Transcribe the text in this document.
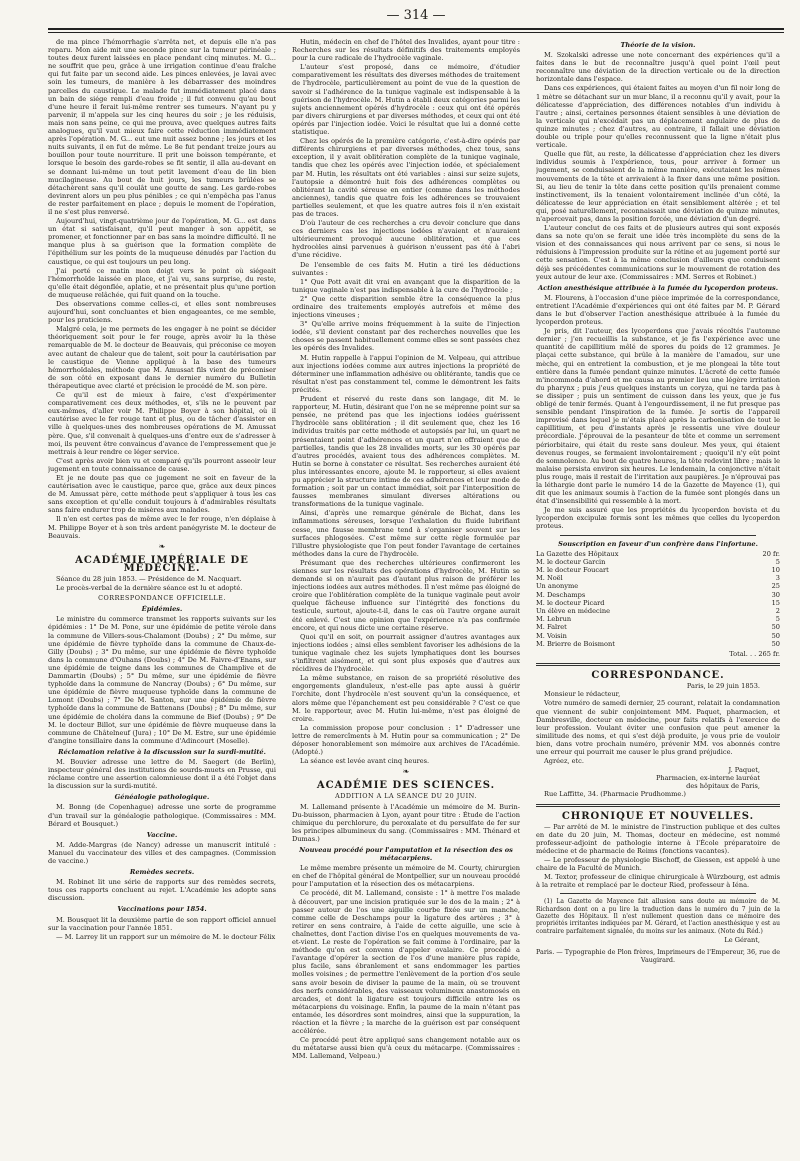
— 314 —

de ma pince l'hémorrhagie s'arrêta net, et depuis elle n'a pas reparu. Mon aide mit une seconde pince sur la tumeur périnéale ; toutes deux furent laissées en place pendant cinq minutes. M. G... ne souffrit que peu, grâce à une irrigation continue d'eau fraîche qui fut faite par un second aide. Les pinces enlevées, je lavai avec soin les tumeurs, de manière à les débarrasser des moindres parcelles du caustique. Le malade fut immédiatement placé dans un bain de siége rempli d'eau froide ; il fut convenu qu'au bout d'une heure il ferait lui-même rentrer ses tumeurs. N'ayant pu y parvenir, il m'appela sur les cinq heures du soir ; je les réduisis, mais non sans peine, ce qui me prouva, avec quelques autres faits analogues, qu'il vaut mieux faire cette réduction immédiatement après l'opération. M. G... eut une nuit assez bonne ; les jours et les nuits suivants, il en fut de même. Le 8e fut pendant treize jours au bouillon pour toute nourriture. Il prit une boisson tempérante, et lorsque le besoin des garde-robes se fit sentir, il alla au-devant en se donnant lui-même un tout petit lavement d'eau de lin bien mucilagineuse. Au bout de huit jours, les tumeurs brûlées se détachèrent sans qu'il coulât une goutte de sang. Les garde-robes devinrent alors un peu plus pénibles ; ce qui n'empêcha pas l'anus de rester parfaitement en place ; depuis le moment de l'opération, il ne s'est plus renversé.

Aujourd'hui, vingt-quatrième jour de l'opération, M. G... est dans un état si satisfaisant, qu'il peut manger à son appétit, se promener, et fonctionner par en bas sans la moindre difficulté. Il ne manque plus à sa guérison que la formation complète de l'épithélium sur les points de la muqueuse dénudés par l'action du caustique, ce qui est toujours un peu long.

J'ai porté ce matin mon doigt vers le point où siégeait l'hémorrhoïde laissée en place, et j'ai vu, sans surprise, du reste, qu'elle était dégonflée, aplatie, et ne présentait plus qu'une portion de muqueuse relâchée, qui fuit quand on la touche.

Des observations comme celles-ci, et elles sont nombreuses aujourd'hui, sont concluantes et bien engageantes, ce me semble, pour les praticiens.

Malgré cela, je me permets de les engager à ne point se décider théoriquement soit pour le fer rouge, après avoir lu la thèse remarquable de M. le docteur de Beauvais, qui préconise ce moyen avec autant de chaleur que de talent, soit pour la cautérisation par le caustique de Vienne appliqué à la base des tumeurs hémorrhoïdales, méthode que M. Amussat fils vient de préconiser de son côté en exposant dans le dernier numéro du Bulletin thérapeutique avec clarté et précision le procédé de M. son père.

Ce qu'il est de mieux à faire, c'est d'expérimenter comparativement ces deux méthodes, et, s'ils ne le peuvent par eux-mêmes, d'aller voir M. Philippe Boyer à son hôpital, où il cautérise avec le fer rouge tant et plus, ou de tâcher d'assister en ville à quelques-unes des nombreuses opérations de M. Amussat père. Que, s'il convenait à quelques-uns d'entre eux de s'adresser à moi, ils peuvent être convaincus d'avance de l'empressement que je mettrais à leur rendre ce léger service.

C'est après avoir bien vu et comparé qu'ils pourront asseoir leur jugement en toute connaissance de cause.

Et je ne doute pas que ce jugement ne soit en faveur de la cautérisation avec le caustique, parce que, grâce aux deux pinces de M. Amussat père, cette méthode peut s'appliquer à tous les cas sans exception et qu'elle conduit toujours à d'admirables résultats sans faire endurer trop de misères aux malades.

Il n'en est certes pas de même avec le fer rouge, n'en déplaise à M. Philippe Boyer et à son très ardent panégyriste M. le docteur de Beauvais.

❧
ACADÉMIE IMPÉRIALE DE MÉDECINE.

Séance du 28 juin 1853. — Présidence de M. Nacquart.

Le procès-verbal de la dernière séance est lu et adopté.

CORRESPONDANCE OFFICIELLE.
Épidémies.

Le ministre du commerce transmet les rapports suivants sur les épidémies : 1° De M. Pone, sur une épidémie de petite vérole dans la commune de Villers-sous-Chalamont (Doubs) ; 2° Du même, sur une épidémie de fièvre typhoïde dans la commune de Chaux-de-Gilly (Doubs) ; 3° Du même, sur une épidémie de fièvre typhoïde dans la commune d'Ouhans (Doubs) ; 4° De M. Faivre-d'Enans, sur une épidémie de teigne dans les communes de Champlive et de Dammartin (Doubs) ; 5° Du même, sur une épidémie de fièvre typhoïde dans la commune de Nancray (Doubs) ; 6° Du même, sur une épidémie de fièvre muqueuse typhoïde dans la commune de Lomont (Doubs) ; 7° De M. Santon, sur une épidémie de fièvre typhoïde dans la commune de Battenans (Doubs) ; 8° Du même, sur une épidémie de choléra dans la commune de Bief (Doubs) ; 9° De M. le docteur Billot, sur une épidémie de fièvre muqueuse dans la commune de Châtelneuf (Jura) ; 10° De M. Estre, sur une épidémie d'angine tonsillaire dans la commune d'Adincourt (Moselle).

Réclamation relative à la discussion sur la surdi-mutité.

M. Bouvier adresse une lettre de M. Saegert (de Berlin), inspecteur général des institutions de sourds-muets en Prusse, qui réclame contre une assertion calomnieuse dont il a été l'objet dans la discussion sur la surdi-mutité.

Généalogie pathologique.

M. Bonng (de Copenhague) adresse une sorte de programme d'un travail sur la généalogie pathologique. (Commissaires : MM. Bérard et Bousquet.)

Vaccine.

M. Adde-Margras (de Nancy) adresse un manuscrit intitulé : Manuel du vaccinateur des villes et des campagnes. (Commission de vaccine.)

Remèdes secrets.

M. Robinet lit une série de rapports sur des remèdes secrets, tous ces rapports concluent au rejet. L'Académie les adopte sans discussion.

Vaccinations pour 1854.

M. Bousquet lit la deuxième partie de son rapport officiel annuel sur la vaccination pour l'année 1851.

— M. Larrey lit un rapport sur un mémoire de M. le docteur Félix

Hutin, médecin en chef de l'hôtel des Invalides, ayant pour titre : Recherches sur les résultats définitifs des traitements employés pour la cure radicale de l'hydrocèle vaginale.

L'auteur s'est proposé, dans ce mémoire, d'étudier comparativement les résultats des diverses méthodes de traitement de l'hydrocèle, particulièrement au point de vue de la question de savoir si l'adhérence de la tunique vaginale est indispensable à la guérison de l'hydrocèle. M. Hutin a établi deux catégories parmi les sujets anciennement opérés d'hydrocèle : ceux qui ont été opérés par divers chirurgiens et par diverses méthodes, et ceux qui ont été opérés par l'injection iodée. Voici le résultat que lui a donné cette statistique.

Chez les opérés de la première catégorie, c'est-à-dire opérés par différents chirurgiens et par diverses méthodes, chez tous, sans exception, il y avait oblitération complète de la tunique vaginale, tandis que chez les opérés avec l'injection iodée, et spécialement par M. Hutin, les résultats ont été variables : ainsi sur seize sujets, l'autopsie a démontré huit fois des adhérences complètes ou oblitérant la cavité séreuse en entier (comme dans les méthodes anciennes), tandis que quatre fois les adhérences se trouvaient partielles seulement, et que les quatre autres fois il n'en existait pas de traces.

D'où l'auteur de ces recherches a cru devoir conclure que dans ces derniers cas les injections iodées n'avaient et n'auraient ultérieurement provoqué aucune oblitération, et que ces hydrocèles ainsi parvenues à guérison n'eussent pas été à l'abri d'une récidive.

De l'ensemble de ces faits M. Hutin a tiré les déductions suivantes :

1° Que Pott avait dit vrai en avançant que la disparition de la tunique vaginale n'est pas indispensable à la cure de l'hydrocèle ;

2° Que cette disparition semble être la conséquence la plus ordinaire des traitements employés autrefois et même des injections vineuses ;

3° Qu'elle arrive moins fréquemment à la suite de l'injection iodée, s'il devient constant par des recherches nouvelles que les choses se passent habituellement comme elles se sont passées chez les opérés des Invalides.

M. Hutin rappelle à l'appui l'opinion de M. Velpeau, qui attribue aux injections iodées comme aux autres injections la propriété de déterminer une inflammation adhésive ou oblitérante, tandis que ce résultat n'est pas constamment tel, comme le démontrent les faits précités.

Prudent et réservé du reste dans son langage, dit M. le rapporteur, M. Hutin, désirant que l'on ne se méprenne point sur sa pensée, ne prétend pas que les injections iodées guérissent l'hydrocèle sans oblitération ; il dit seulement que, chez les 16 individus traités par cette méthode et autopsiés par lui, un quart ne présentaient point d'adhérences et un quart n'en offraient que de partielles, tandis que les 28 invalides morts, sur les 30 opérés par d'autres procédés, avaient tous des adhérences complètes. M. Hutin se borne à constater ce résultat. Ses recherches auraient été plus intéressantes encore, ajoute M. le rapporteur, si elles avaient pu apprécier la structure intime de ces adhérences et leur mode de formation ; soit par un contact immédiat, soit par l'interposition de fausses membranes simulant diverses altérations ou transformations de la tunique vaginale.

Ainsi, d'après une remarque générale de Bichat, dans les inflammations séreuses, lorsque l'exhalation du fluide lubrifiant cesse, une fausse membrane tend à s'organiser souvent sur les surfaces phlogosées. C'est même sur cette règle formulée par l'illustre physiologiste que l'on peut fonder l'avantage de certaines méthodes dans la cure de l'hydrocèle.

Présumant que des recherches ultérieures confirmeront les siennes sur les résultats des opérations d'hydrocèle, M. Hutin se demande si on n'aurait pas d'autant plus raison de préférer les injections iodées aux autres méthodes. Il n'est même pas éloigné de croire que l'oblitération complète de la tunique vaginale peut avoir quelque fâcheuse influence sur l'intégrité des fonctions du testicule, surtout, ajoute-t-il, dans le cas où l'autre organe aurait été enlevé. C'est une opinion que l'expérience n'a pas confirmée encore, et qui nous dicte une certaine réserve.

Quoi qu'il en soit, on pourrait assigner d'autres avantages aux injections iodées ; ainsi elles semblent favoriser les adhésions de la tunique vaginale chez les sujets lymphatiques dont les bourses s'infiltrent aisément, et qui sont plus exposés que d'autres aux récidives de l'hydrocèle.

La même substance, en raison de sa propriété résolutive des engorgements glanduleux, n'est-elle pas apte aussi à guérir l'orchite, dont l'hydrocèle n'est souvent qu'un la conséquence, et alors même que l'épanchement est peu considérable ? C'est ce que M. le rapporteur, avec M. Hutin lui-même, n'est pas éloigné de croire.

La commission propose pour conclusion : 1° D'adresser une lettre de remercîments à M. Hutin pour sa communication ; 2° De déposer honorablement son mémoire aux archives de l'Académie. (Adopté.)

La séance est levée avant cinq heures.

❧
ACADÉMIE DES SCIENCES.
ADDITION A LA SÉANCE DU 20 JUIN.

M. Lallemand présente à l'Académie un mémoire de M. Burin-Du-buisson, pharmacien à Lyon, ayant pour titre : Étude de l'action chimique du perchlorure, du peroxalate et du persulfate de fer sur les principes albumineux du sang. (Commissaires : MM. Thénard et Dumas.)

Nouveau procédé pour l'amputation et la résection des os métacarpiens.

Le même membre présente un mémoire de M. Courty, chirurgien en chef de l'hôpital général de Montpellier, sur un nouveau procédé pour l'amputation et la résection des os métacarpiens.

Ce procédé, dit M. Lallemand, consiste : 1° à mettre l'os malade à découvert, par une incision pratiquée sur le dos de la main ; 2° à passer autour de l'os une aiguille courbe fixée sur un manche, comme celle de Deschamps pour la ligature des artères ; 3° à retirer en sens contraire, à l'aide de cette aiguille, une scie à chaînettes, dont l'action divise l'os en quelques mouvements de va-et-vient. Le reste de l'opération se fait comme à l'ordinaire, par la méthode qu'on est convenu d'appeler ovalaire. Ce procédé a l'avantage d'opérer la section de l'os d'une manière plus rapide, plus facile, sans ébranlement et sans endommager les parties molles voisines ; de permettre l'enlèvement de la portion d'os seule sans avoir besoin de diviser la paume de la main, où se trouvent des nerfs considérables, des vaisseaux volumineux anastomosés en arcades, et dont la ligature est toujours difficile entre les os métacarpiens du voisinage. Enfin, la paume de la main n'étant pas entamée, les désordres sont moindres, ainsi que la suppuration, la réaction et la fièvre ; la marche de la guérison est par conséquent accélérée.

Ce procédé peut être appliqué sans changement notable aux os du métatarse aussi bien qu'à ceux du métacarpe. (Commissaires : MM. Lallemand, Velpeau.)

Théorie de la vision.

M. Szokalski adresse une note concernant des expériences qu'il a faites dans le but de reconnaître jusqu'à quel point l'œil peut reconnaître une déviation de la direction verticale ou de la direction horizontale dans l'espace.

Dans ces expériences, qui étaient faites au moyen d'un fil noir long de 1 mètre se détachant sur un mur blanc, il a reconnu qu'il y avait, pour la délicatesse d'appréciation, des différences notables d'un individu à l'autre ; ainsi, certaines personnes étaient sensibles à une déviation de la verticale qui n'excédait pas un déplacement angulaire de plus de quinze minutes ; chez d'autres, au contraire, il fallait une déviation double ou triple pour qu'elles reconnussent que la ligne n'était plus verticale.

Quelle que fût, au reste, la délicatesse d'appréciation chez les divers individus soumis à l'expérience, tous, pour arriver à former un jugement, se conduisaient de la même manière, exécutaient les mêmes mouvements de la tête et arrivaient à la fixer dans une même position. Si, au lieu de tenir la tête dans cette position qu'ils prenaient comme instinctivement, ils la tenaient volontairement inclinée d'un côté, la délicatesse de leur appréciation en était sensiblement altérée ; et tel qui, posé naturellement, reconnaissait une déviation de quinze minutes, n'apercevait pas, dans la position forcée, une déviation d'un degré.

L'auteur conclut de ces faits et de plusieurs autres qui sont exposés dans sa note qu'on se ferait une idée très incomplète du sens de la vision et des connaissances qui nous arrivent par ce sens, si nous le réduisions à l'impression produite sur la rétine et au jugement porté sur cette sensation. C'est à la même conclusion d'ailleurs que conduisent déjà ses précédentes communications sur le mouvement de rotation des yeux autour de leur axe. (Commissaires : MM. Serres et Robinet.)

Action anesthésique attribuée à la fumée du lycoperdon proteus.

M. Flourens, à l'occasion d'une pièce imprimée de la correspondance, entretient l'Académie d'expériences qui ont été faites par M. P. Gérard dans le but d'observer l'action anesthésique attribuée à la fumée du lycoperdon proteus.

Je pris, dit l'auteur, des lycoperdons que j'avais récoltés l'automne dernier ; j'en recueillis la substance, et je fis l'expérience avec une quantité de capillitium mêlé de spores du poids de 12 grammes. Je plaçai cette substance, qui brûle à la manière de l'amadou, sur une mèche, qui en entretient la combustion, et je me plongeai la tête tout entière dans la fumée pendant quinze minutes. L'âcreté de cette fumée m'incommoda d'abord et me causa au premier lieu une légère irritation du pharynx ; puis j'eus quelques instants un coryza, qui ne tarda pas à se dissiper ; puis un sentiment de cuisson dans les yeux, que je fus obligé de tenir fermés. Quant à l'engourdissement, il ne fut presque pas sensible pendant l'inspiration de la fumée. Je sortis de l'appareil improvisé dans lequel je m'étais placé après la carbonisation de tout le capillitium, et peu d'instants après je ressentis une vive douleur précordiale. J'éprouvai de la pesanteur de tête et comme un serrement périorbitaire, qui était du reste sans douleur. Mes yeux, qui étaient devenus rouges, se fermaient involontairement ; quoiqu'il n'y eût point de somnolence. Au bout de quatre heures, la tête redevint libre ; mais le malaise persista environ six heures. Le lendemain, la conjonctive n'était plus rouge, mais il restait de l'irritation aux paupières. Je n'éprouvai pas la léthargie dont parle le numéro 14 de la Gazette de Mayence (1), qui dit que les animaux soumis à l'action de la fumée sont plongés dans un état d'insensibilité qui ressemble à la mort.

Je me suis assuré que les propriétés du lycoperdon bovista et du lycoperdon excipulæ formis sont les mêmes que celles du lycoperdon proteus.

Souscription en faveur d'un confrère dans l'infortune.
La Gazette des Hôpitaux	20 fr.
M. le docteur Garcin	5
M. le docteur Foucart	10
M. Noël	3
Un anonyme	25
M. Deschamps	30
M. le docteur Picard	15
Un élève en médecine	2
M. Lebrun	5
M. Falret	50
M. Voisin	50
M. Brierre de Boismont	50
Total. . . 265 fr.
CORRESPONDANCE.
Paris, le 29 juin 1853.

Monsieur le rédacteur,

Votre numéro de samedi dernier, 25 courant, relatait la condamnation que viennent de subir conjointement MM. Paquet, pharmacien, et Dambresville, docteur en médecine, pour faits relatifs à l'exercice de leur profession. Voulant éviter une confusion que peut amener la similitude des noms, et qui s'est déjà produite, je vous prie de vouloir bien, dans votre prochain numéro, prévenir MM. vos abonnés contre une erreur qui pourrait me causer le plus grand préjudice.

Agréez, etc.

J. Paquet,
Pharmacien, ex-interne lauréat
des hôpitaux de Paris,

Rue Laffitte, 34. (Pharmacie Prudhomme.)

CHRONIQUE ET NOUVELLES.

— Par arrêté de M. le ministre de l'instruction publique et des cultes en date du 20 juin, M. Thomas, docteur en médecine, est nommé professeur-adjoint de pathologie interne à l'École préparatoire de médecine et de pharmacie de Reims (fonctions vacantes).

— Le professeur de physiologie Bischoff, de Giessen, est appelé à une chaire de la Faculté de Munich.

M. Textor, professeur de clinique chirurgicale à Würzbourg, est admis à la retraite et remplacé par le docteur Ried, professeur à Iéna.

(1) La Gazette de Mayence fait allusion sans doute au mémoire de M. Richardson dont on a pu lire la traduction dans le numéro du 7 juin de la Gazette des Hôpitaux. Il n'est nullement question dans ce mémoire des propriétés irritantes indiquées par M. Gérard, et l'action anesthésique y est au contraire parfaitement signalée, du moins sur les animaux. (Note du Réd.)

Le Gérant,
Paris. — Typographie de Plon frères, Imprimeurs de l'Empereur, 36, rue de Vaugirard.
